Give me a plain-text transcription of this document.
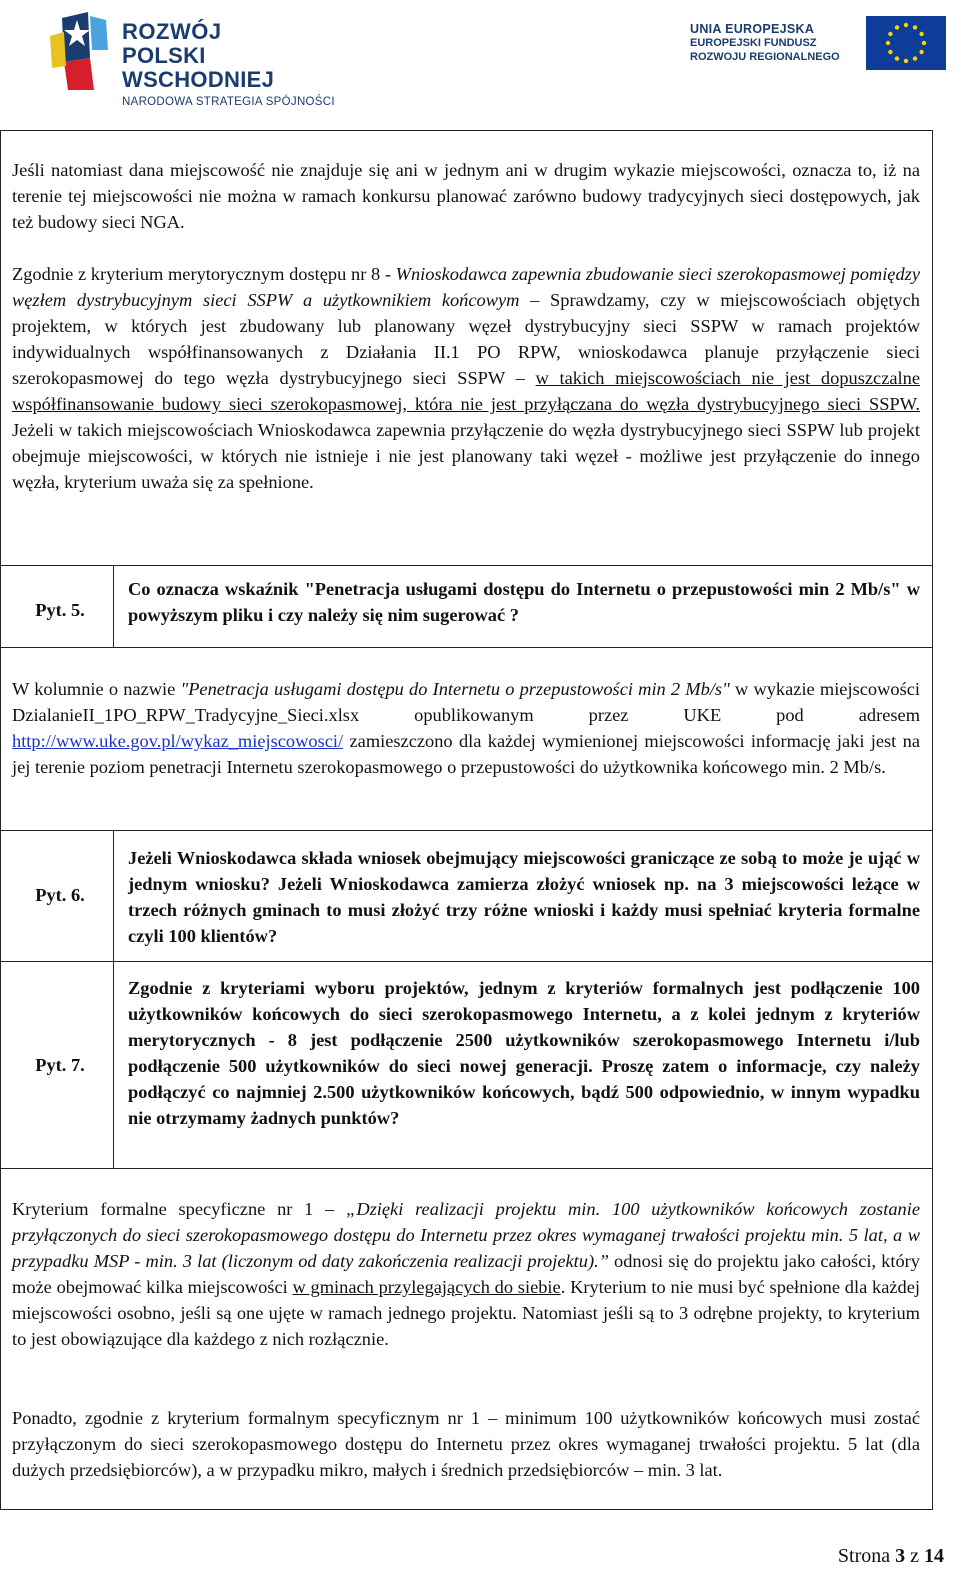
ROZWÓJ
POLSKI WSCHODNIEJ
NARODOWA STRATEGIA SPÓJNOŚCI
UNIA EUROPEJSKA
EUROPEJSKI FUNDUSZ
ROZWOJU REGIONALNEGO

Jeśli natomiast dana miejscowość nie znajduje się ani w jednym ani w drugim wykazie miejscowości, oznacza to, iż na terenie tej miejscowości nie można w ramach konkursu planować zarówno budowy tradycyjnych sieci dostępowych, jak też budowy sieci NGA.

Zgodnie z kryterium merytorycznym dostępu nr 8 - Wnioskodawca zapewnia zbudowanie sieci szerokopasmowej pomiędzy węzłem dystrybucyjnym sieci SSPW a użytkownikiem końcowym – Sprawdzamy, czy w miejscowościach objętych projektem, w których jest zbudowany lub planowany węzeł dystrybucyjny sieci SSPW w ramach projektów indywidualnych współfinansowanych z Działania II.1 PO RPW, wnioskodawca planuje przyłączenie sieci szerokopasmowej do tego węzła dystrybucyjnego sieci SSPW – w takich miejscowościach nie jest dopuszczalne współfinansowanie budowy sieci szerokopasmowej, która nie jest przyłączana do węzła dystrybucyjnego sieci SSPW. Jeżeli w takich miejscowościach Wnioskodawca zapewnia przyłączenie do węzła dystrybucyjnego sieci SSPW lub projekt obejmuje miejscowości, w których nie istnieje i nie jest planowany taki węzeł - możliwe jest przyłączenie do innego węzła, kryterium uważa się za spełnione.

Pyt. 5.
Co oznacza wskaźnik "Penetracja usługami dostępu do Internetu o przepustowości min 2 Mb/s" w powyższym pliku i czy należy się nim sugerować ?

W kolumnie o nazwie "Penetracja usługami dostępu do Internetu o przepustowości min 2 Mb/s" w wykazie miejscowości DzialanieII_1PO_RPW_Tradycyjne_Sieci.xlsx opublikowanym przez UKE pod adresem http://www.uke.gov.pl/wykaz_miejscowosci/ zamieszczono dla każdej wymienionej miejscowości informację jaki jest na jej terenie poziom penetracji Internetu szerokopasmowego o przepustowości do użytkownika końcowego min. 2 Mb/s.

Pyt. 6.
Jeżeli Wnioskodawca składa wniosek obejmujący miejscowości graniczące ze sobą to może je ująć w jednym wniosku? Jeżeli Wnioskodawca zamierza złożyć wniosek np. na 3 miejscowości leżące w trzech różnych gminach to musi złożyć trzy różne wnioski i każdy musi spełniać kryteria formalne czyli 100 klientów?
Pyt. 7.
Zgodnie z kryteriami wyboru projektów, jednym z kryteriów formalnych jest podłączenie 100 użytkowników końcowych do sieci szerokopasmowego Internetu, a z kolei jednym z kryteriów merytorycznych - 8 jest podłączenie 2500 użytkowników szerokopasmowego Internetu i/lub podłączenie 500 użytkowników do sieci nowej generacji. Proszę zatem o informacje, czy należy podłączyć co najmniej 2.500 użytkowników końcowych, bądź 500 odpowiednio, w innym wypadku nie otrzymamy żadnych punktów?

Kryterium formalne specyficzne nr 1 – „Dzięki realizacji projektu min. 100 użytkowników końcowych zostanie przyłączonych do sieci szerokopasmowego dostępu do Internetu przez okres wymaganej trwałości projektu min. 5 lat, a w przypadku MSP - min. 3 lat (liczonym od daty zakończenia realizacji projektu).” odnosi się do projektu jako całości, który może obejmować kilka miejscowości w gminach przylegających do siebie. Kryterium to nie musi być spełnione dla każdej miejscowości osobno, jeśli są one ujęte w ramach jednego projektu. Natomiast jeśli są to 3 odrębne projekty, to kryterium to jest obowiązujące dla każdego z nich rozłącznie.

Ponadto, zgodnie z kryterium formalnym specyficznym nr 1 – minimum 100 użytkowników końcowych musi zostać przyłączonym do sieci szerokopasmowego dostępu do Internetu przez okres wymaganej trwałości projektu. 5 lat (dla dużych przedsiębiorców), a w przypadku mikro, małych i średnich przedsiębiorców – min. 3 lat.

Strona 3 z 14
